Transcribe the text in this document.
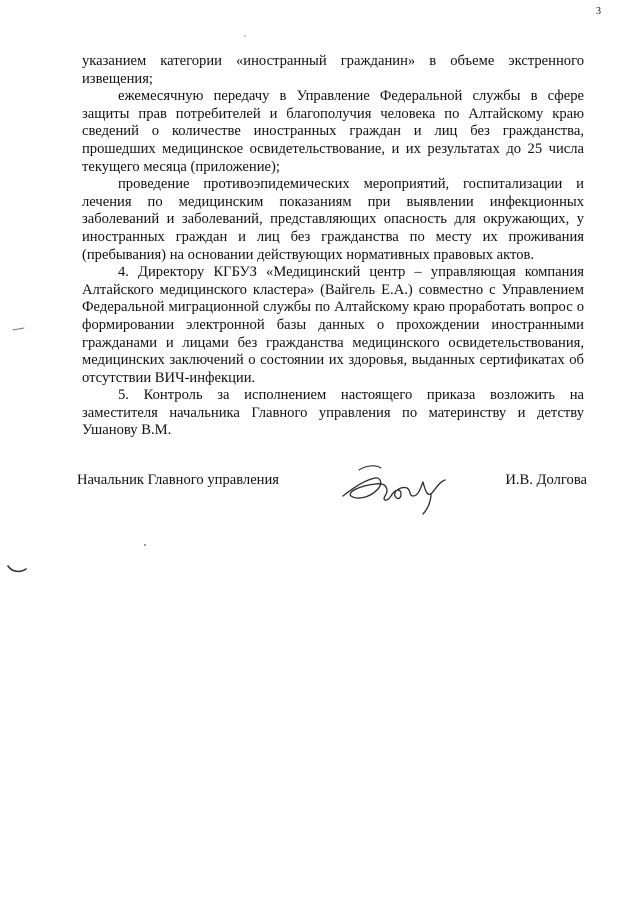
3

указанием категории «иностранный гражданин» в объеме экстренного извещения;

ежемесячную передачу в Управление Федеральной службы в сфере защиты прав потребителей и благополучия человека по Алтайскому краю сведений о количестве иностранных граждан и лиц без гражданства, прошедших медицинское освидетельствование, и их результатах до 25 числа текущего месяца (приложение);

проведение противоэпидемических мероприятий, госпитализации и лечения по медицинским показаниям при выявлении инфекционных заболеваний и заболеваний, представляющих опасность для окружающих, у иностранных граждан и лиц без гражданства по месту их проживания (пребывания) на основании действующих нормативных правовых актов.

4. Директору КГБУЗ «Медицинский центр – управляющая компания Алтайского медицинского кластера» (Вайгель Е.А.) совместно с Управлением Федеральной миграционной службы по Алтайскому краю проработать вопрос о формировании электронной базы данных о прохождении иностранными гражданами и лицами без гражданства медицинского освидетельствования, медицинских заключений о состоянии их здоровья, выданных сертификатах об отсутствии ВИЧ-инфекции.

5. Контроль за исполнением настоящего приказа возложить на заместителя начальника Главного управления по материнству и детству Ушанову В.М.

Начальник Главного управления	И.В. Долгова
